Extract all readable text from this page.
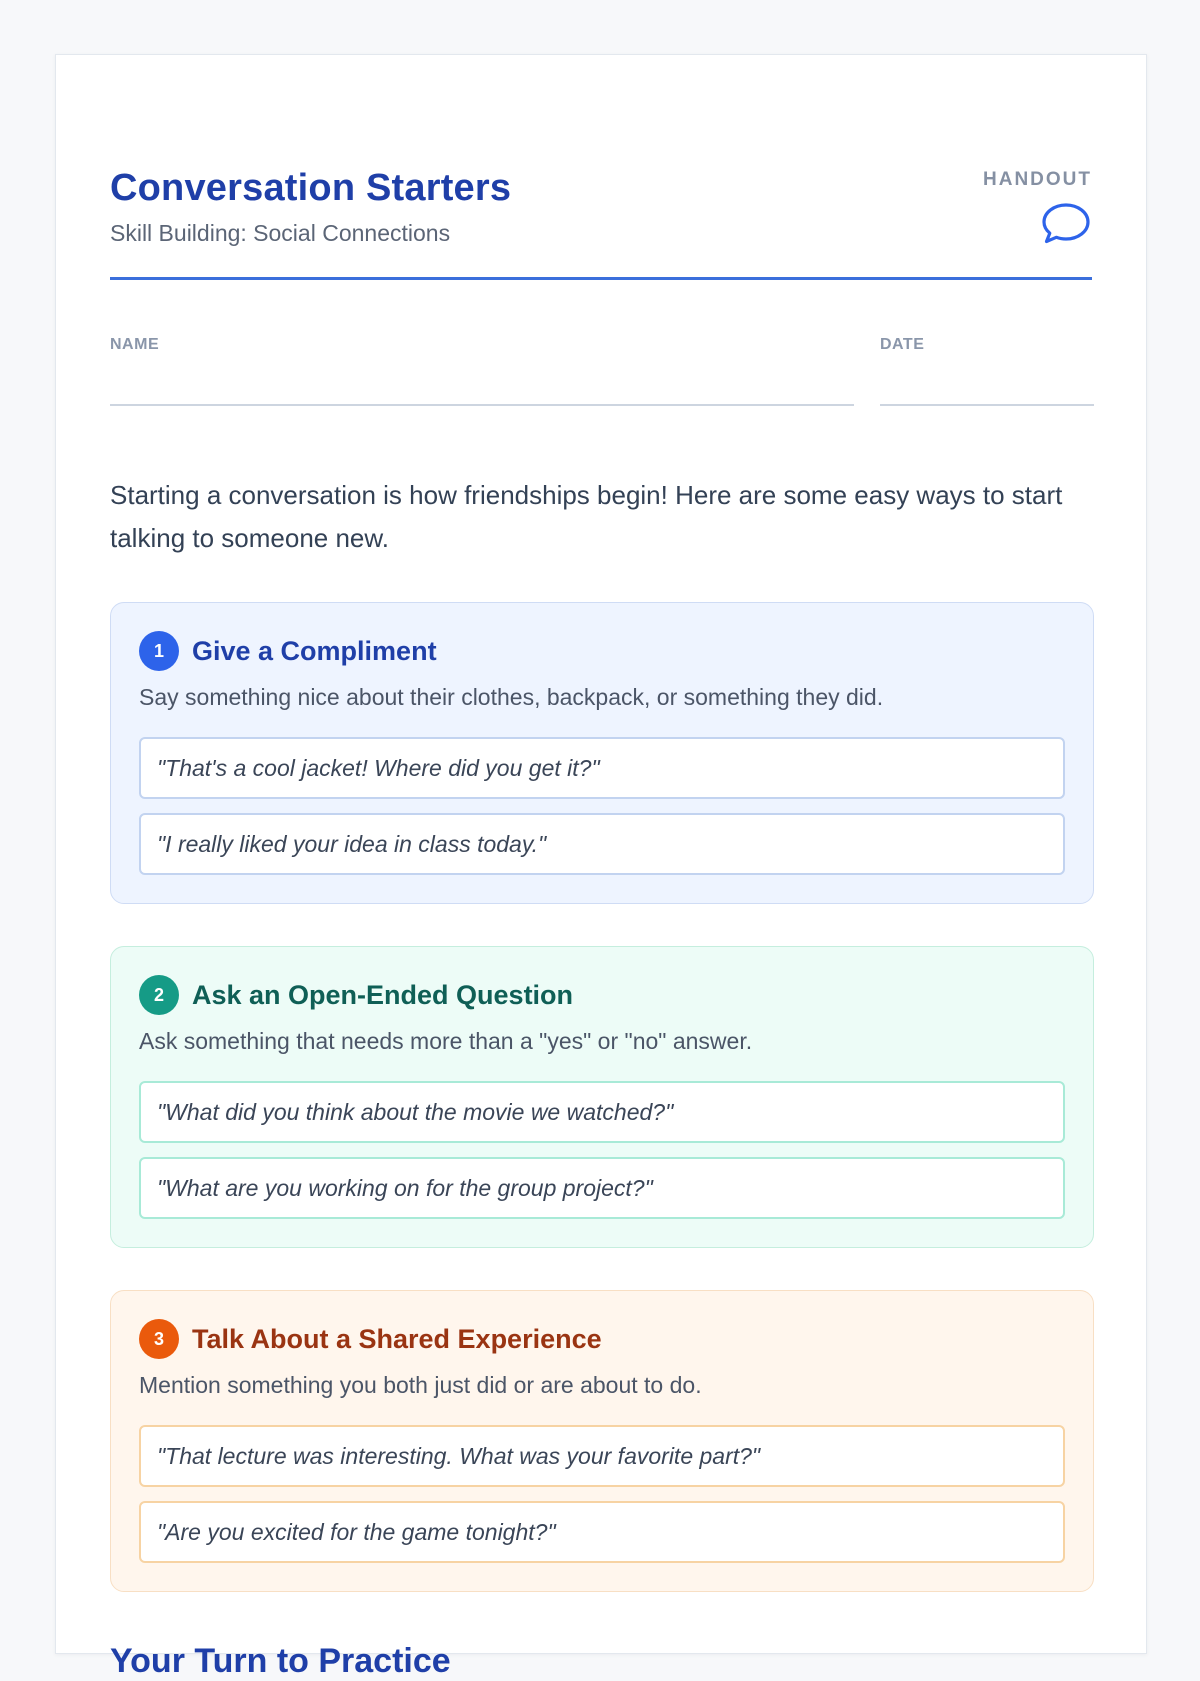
Conversation Starters
Skill Building: Social Connections
HANDOUT
NAME	DATE

Starting a conversation is how friendships begin! Here are some easy ways to start talking to someone new.

1	Give a Compliment

Say something nice about their clothes, backpack, or something they did.

"That's a cool jacket! Where did you get it?"
"I really liked your idea in class today."
2	Ask an Open-Ended Question

Ask something that needs more than a "yes" or "no" answer.

"What did you think about the movie we watched?"
"What are you working on for the group project?"
3	Talk About a Shared Experience

Mention something you both just did or are about to do.

"That lecture was interesting. What was your favorite part?"
"Are you excited for the game tonight?"
Your Turn to Practice
